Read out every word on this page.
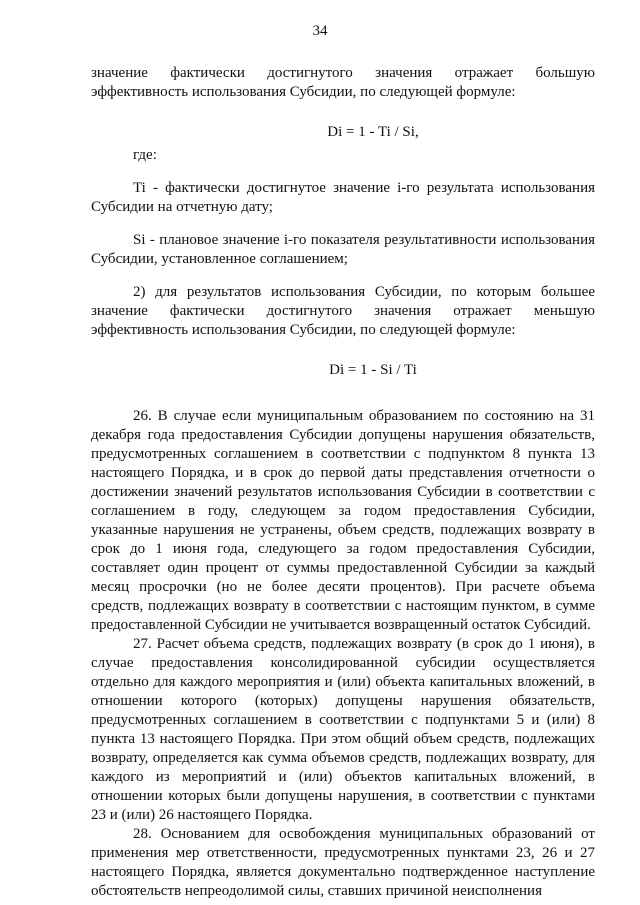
34

значение фактически достигнутого значения отражает большую эффективность использования Субсидии, по следующей формуле:

Di = 1 - Ti / Si,

где:

Ti - фактически достигнутое значение i-го результата использования Субсидии на отчетную дату;

Si - плановое значение i-го показателя результативности использования Субсидии, установленное соглашением;

2) для результатов использования Субсидии, по которым большее значение фактически достигнутого значения отражает меньшую эффективность использования Субсидии, по следующей формуле:

Di = 1 - Si / Ti

26. В случае если муниципальным образованием по состоянию на 31 декабря года предоставления Субсидии допущены нарушения обязательств, предусмотренных соглашением в соответствии с подпунктом 8 пункта 13 настоящего Порядка, и в срок до первой даты представления отчетности о достижении значений результатов использования Субсидии в соответствии с соглашением в году, следующем за годом предоставления Субсидии, указанные нарушения не устранены, объем средств, подлежащих возврату в срок до 1 июня года, следующего за годом предоставления Субсидии, составляет один процент от суммы предоставленной Субсидии за каждый месяц просрочки (но не более десяти процентов). При расчете объема средств, подлежащих возврату в соответствии с настоящим пунктом, в сумме предоставленной Субсидии не учитывается возвращенный остаток Субсидий.

27. Расчет объема средств, подлежащих возврату (в срок до 1 июня), в случае предоставления консолидированной субсидии осуществляется отдельно для каждого мероприятия и (или) объекта капитальных вложений, в отношении которого (которых) допущены нарушения обязательств, предусмотренных соглашением в соответствии с подпунктами 5 и (или) 8 пункта 13 настоящего Порядка. При этом общий объем средств, подлежащих возврату, определяется как сумма объемов средств, подлежащих возврату, для каждого из мероприятий и (или) объектов капитальных вложений, в отношении которых были допущены нарушения, в соответствии с пунктами 23 и (или) 26 настоящего Порядка.

28. Основанием для освобождения муниципальных образований от применения мер ответственности, предусмотренных пунктами 23, 26 и 27 настоящего Порядка, является документально подтвержденное наступление обстоятельств непреодолимой силы, ставших причиной неисполнения
